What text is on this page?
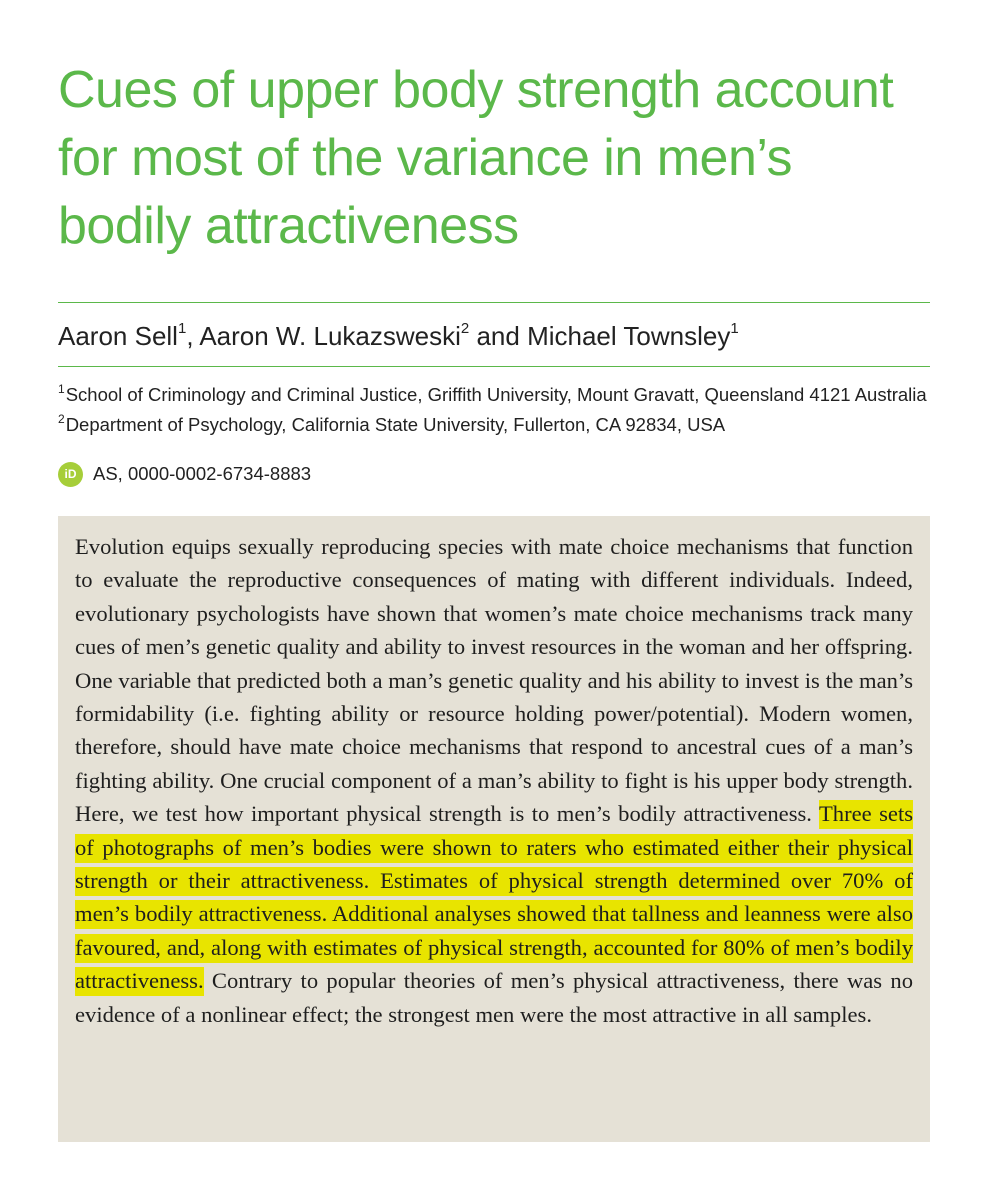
Cues of upper body strength account
for most of the variance in men’s
bodily attractiveness
Aaron Sell$^1$, Aaron W. Lukazsweski$^2$ and Michael Townsley$^1$
$^1$School of Criminology and Criminal Justice, Griffith University, Mount Gravatt, Queensland 4121 Australia
$^2$Department of Psychology, California State University, Fullerton, CA 92834, USA
iD AS, 0000-0002-6734-8883

Evolution equips sexually reproducing species with mate choice mechanisms that function to evaluate the reproductive consequences of mating with different individuals. Indeed, evolutionary psychologists have shown that women’s mate choice mechanisms track many cues of men’s genetic quality and ability to invest resources in the woman and her offspring. One variable that predicted both a man’s genetic quality and his ability to invest is the man’s formidability (i.e. fighting ability or resource holding power/potential). Modern women, therefore, should have mate choice mechanisms that respond to ancestral cues of a man’s fighting ability. One crucial component of a man’s ability to fight is his upper body strength. Here, we test how important physical strength is to men’s bodily attractiveness. Three sets of photographs of men’s bodies were shown to raters who estimated either their physical strength or their attractiveness. Estimates of physical strength determined over 70% of men’s bodily attractiveness. Additional analyses showed that tallness and leanness were also favoured, and, along with estimates of physical strength, accounted for 80% of men’s bodily attractiveness. Contrary to popular theories of men’s physical attractiveness, there was no evidence of a nonlinear effect; the strongest men were the most attractive in all samples.
